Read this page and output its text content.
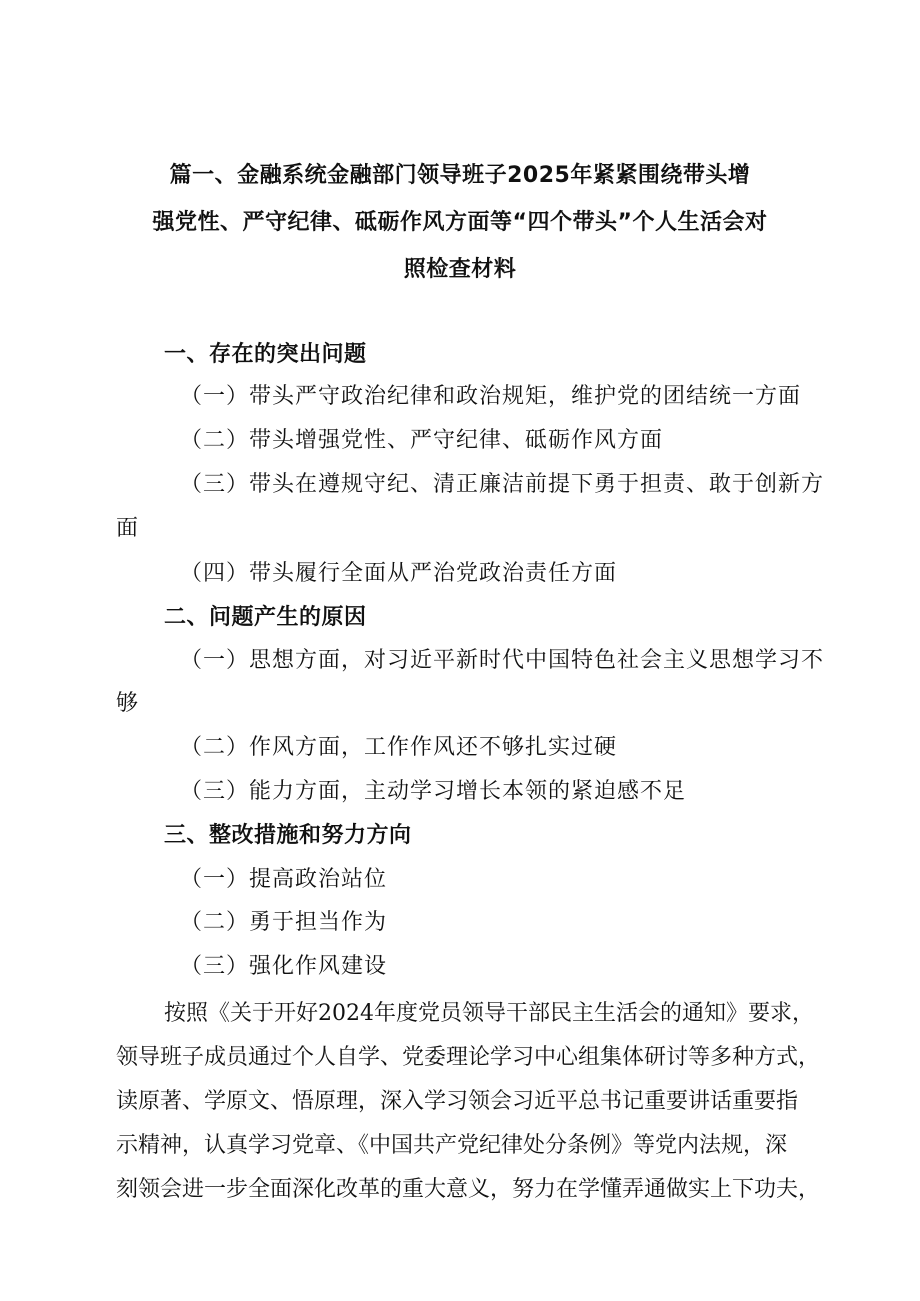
篇一、金融系统金融部门领导班子2025年紧紧围绕带头增
强党性、严守纪律、砥砺作风方面等“四个带头”个人生活会对
照检查材料
一、存在的突出问题
（一）带头严守政治纪律和政治规矩，维护党的团结统一方面
（二）带头增强党性、严守纪律、砥砺作风方面
（三）带头在遵规守纪、清正廉洁前提下勇于担责、敢于创新方
面
（四）带头履行全面从严治党政治责任方面
二、问题产生的原因
（一）思想方面，对习近平新时代中国特色社会主义思想学习不
够
（二）作风方面，工作作风还不够扎实过硬
（三）能力方面，主动学习增长本领的紧迫感不足
三、整改措施和努力方向
（一）提高政治站位
（二）勇于担当作为
（三）强化作风建设
按照《关于开好2024年度党员领导干部民主生活会的通知》要求，
领导班子成员通过个人自学、党委理论学习中心组集体研讨等多种方式，
读原著、学原文、悟原理，深入学习领会习近平总书记重要讲话重要指
示精神，认真学习党章、《中国共产党纪律处分条例》等党内法规，深
刻领会进一步全面深化改革的重大意义，努力在学懂弄通做实上下功夫，
